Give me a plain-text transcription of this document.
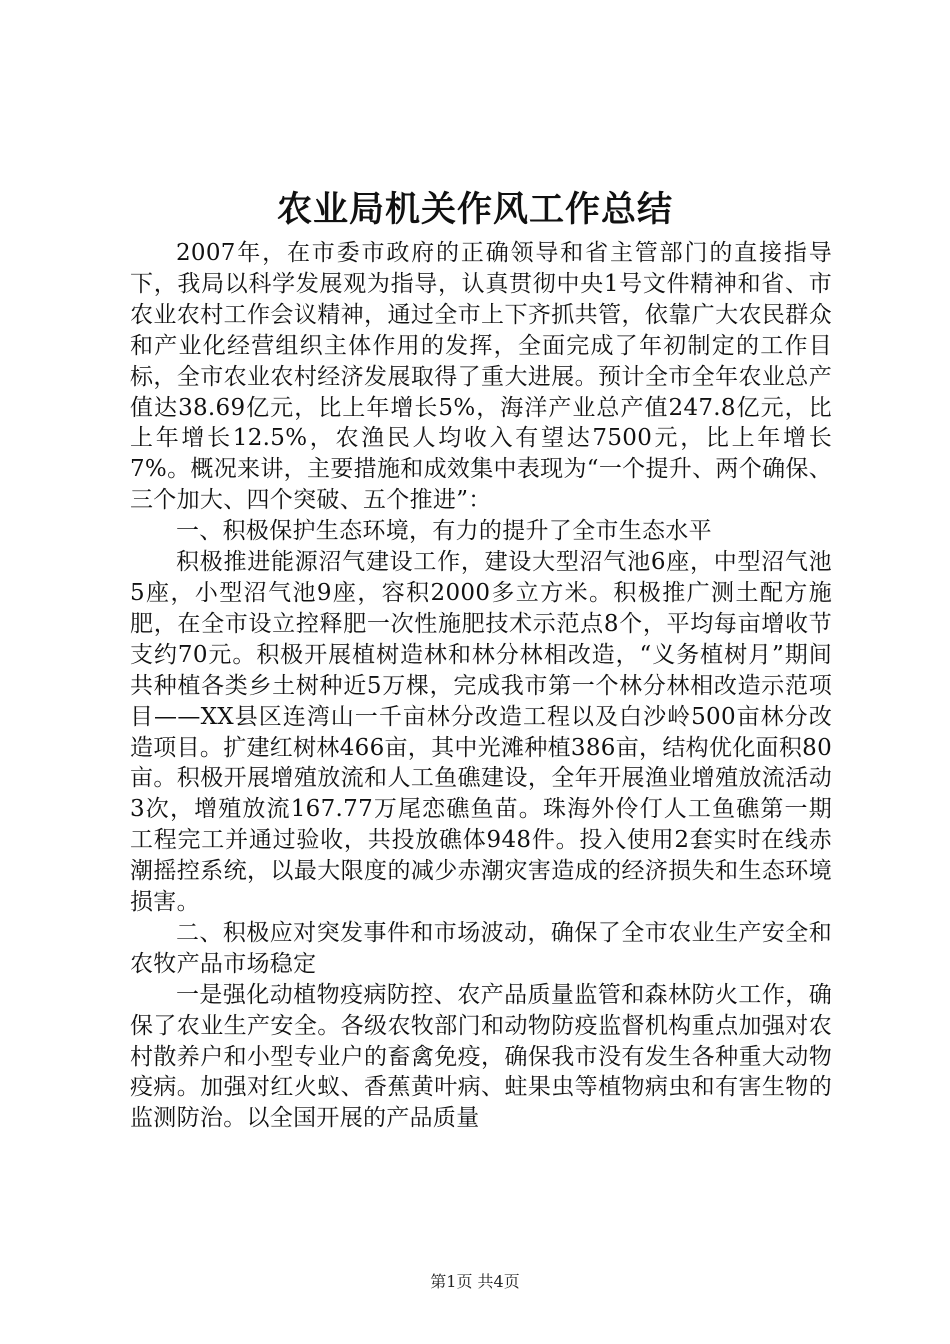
农业局机关作风工作总结

2007年，在市委市政府的正确领导和省主管部门的直接指导下，我局以科学发展观为指导，认真贯彻中央1号文件精神和省、市农业农村工作会议精神，通过全市上下齐抓共管，依靠广大农民群众和产业化经营组织主体作用的发挥，全面完成了年初制定的工作目标，全市农业农村经济发展取得了重大进展。预计全市全年农业总产值达38.69亿元，比上年增长5%，海洋产业总产值247.8亿元，比上年增长12.5%，农渔民人均收入有望达7500元，比上年增长7%。概况来讲，主要措施和成效集中表现为“一个提升、两个确保、三个加大、四个突破、五个推进”：

一、积极保护生态环境，有力的提升了全市生态水平

积极推进能源沼气建设工作，建设大型沼气池6座，中型沼气池5座，小型沼气池9座，容积2000多立方米。积极推广测土配方施肥，在全市设立控释肥一次性施肥技术示范点8个，平均每亩增收节支约70元。积极开展植树造林和林分林相改造，“义务植树月”期间共种植各类乡土树种近5万棵，完成我市第一个林分林相改造示范项目——XX县区连湾山一千亩林分改造工程以及白沙岭500亩林分改造项目。扩建红树林466亩，其中光滩种植386亩，结构优化面积80亩。积极开展增殖放流和人工鱼礁建设，全年开展渔业增殖放流活动3次，增殖放流167.77万尾恋礁鱼苗。珠海外伶仃人工鱼礁第一期工程完工并通过验收，共投放礁体948件。投入使用2套实时在线赤潮摇控系统，以最大限度的减少赤潮灾害造成的经济损失和生态环境损害。

二、积极应对突发事件和市场波动，确保了全市农业生产安全和农牧产品市场稳定

一是强化动植物疫病防控、农产品质量监管和森林防火工作，确保了农业生产安全。各级农牧部门和动物防疫监督机构重点加强对农村散养户和小型专业户的畜禽免疫，确保我市没有发生各种重大动物疫病。加强对红火蚁、香蕉黄叶病、蛀果虫等植物病虫和有害生物的监测防治。以全国开展的产品质量

第1页 共4页
